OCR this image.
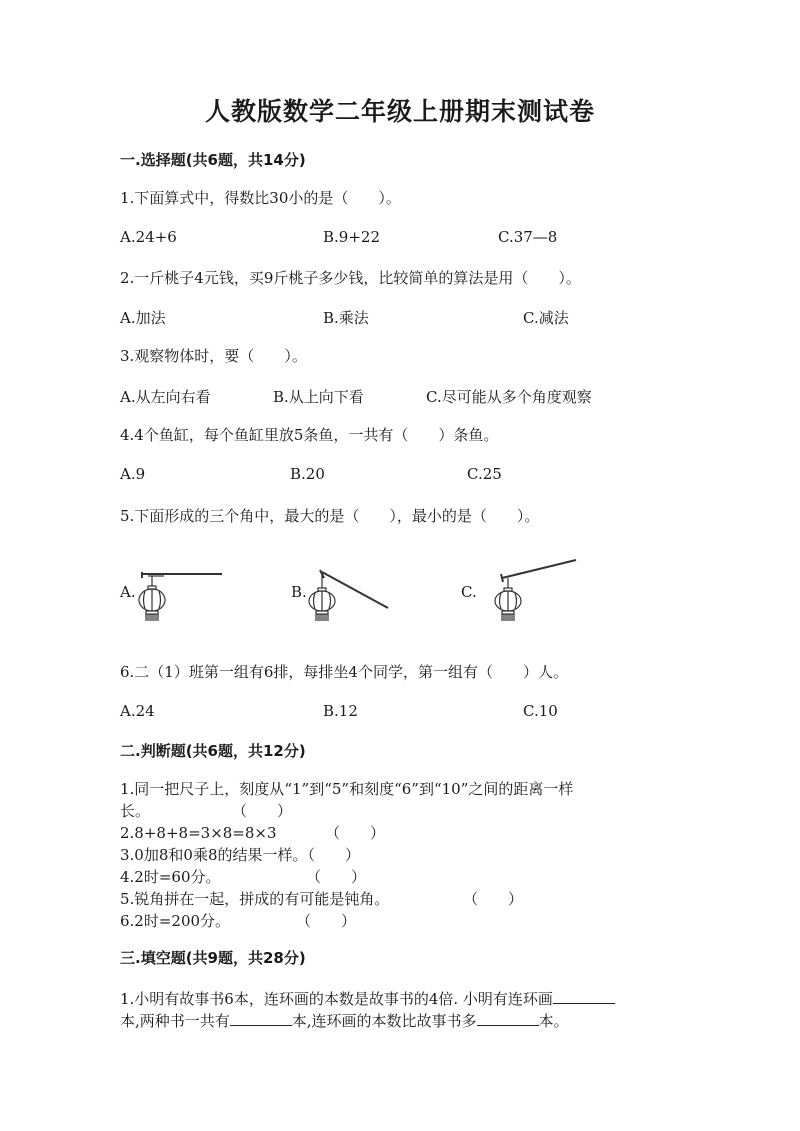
人教版数学二年级上册期末测试卷
一.选择题(共6题，共14分)
1.下面算式中，得数比30小的是（　　）。
A.24+6	B.9+22	C.37—8
2.一斤桃子4元钱，买9斤桃子多少钱，比较简单的算法是用（　　）。
A.加法	B.乘法	C.减法
3.观察物体时，要（　　）。
A.从左向右看	B.从上向下看	C.尽可能从多个角度观察
4.4个鱼缸，每个鱼缸里放5条鱼，一共有（　　）条鱼。
A.9	B.20	C.25
5.下面形成的三个角中，最大的是（　　），最小的是（　　）。
A.	B.	C.
6.二（1）班第一组有6排，每排坐4个同学，第一组有（　　）人。
A.24	B.12	C.10
二.判断题(共6题，共12分)
1.同一把尺子上，刻度从“1”到“5”和刻度“6”到“10”之间的距离一样
长。	（　　）
2.8+8+8=3×8=8×3	（　　）
3.0加8和0乘8的结果一样。（　　）
4.2时=60分。	（　　）
5.锐角拼在一起，拼成的有可能是钝角。	（　　）
6.2时=200分。	（　　）
三.填空题(共9题，共28分)
1.小明有故事书6本，连环画的本数是故事书的4倍. 小明有连环画
本,两种书一共有	本,连环画的本数比故事书多	本。
